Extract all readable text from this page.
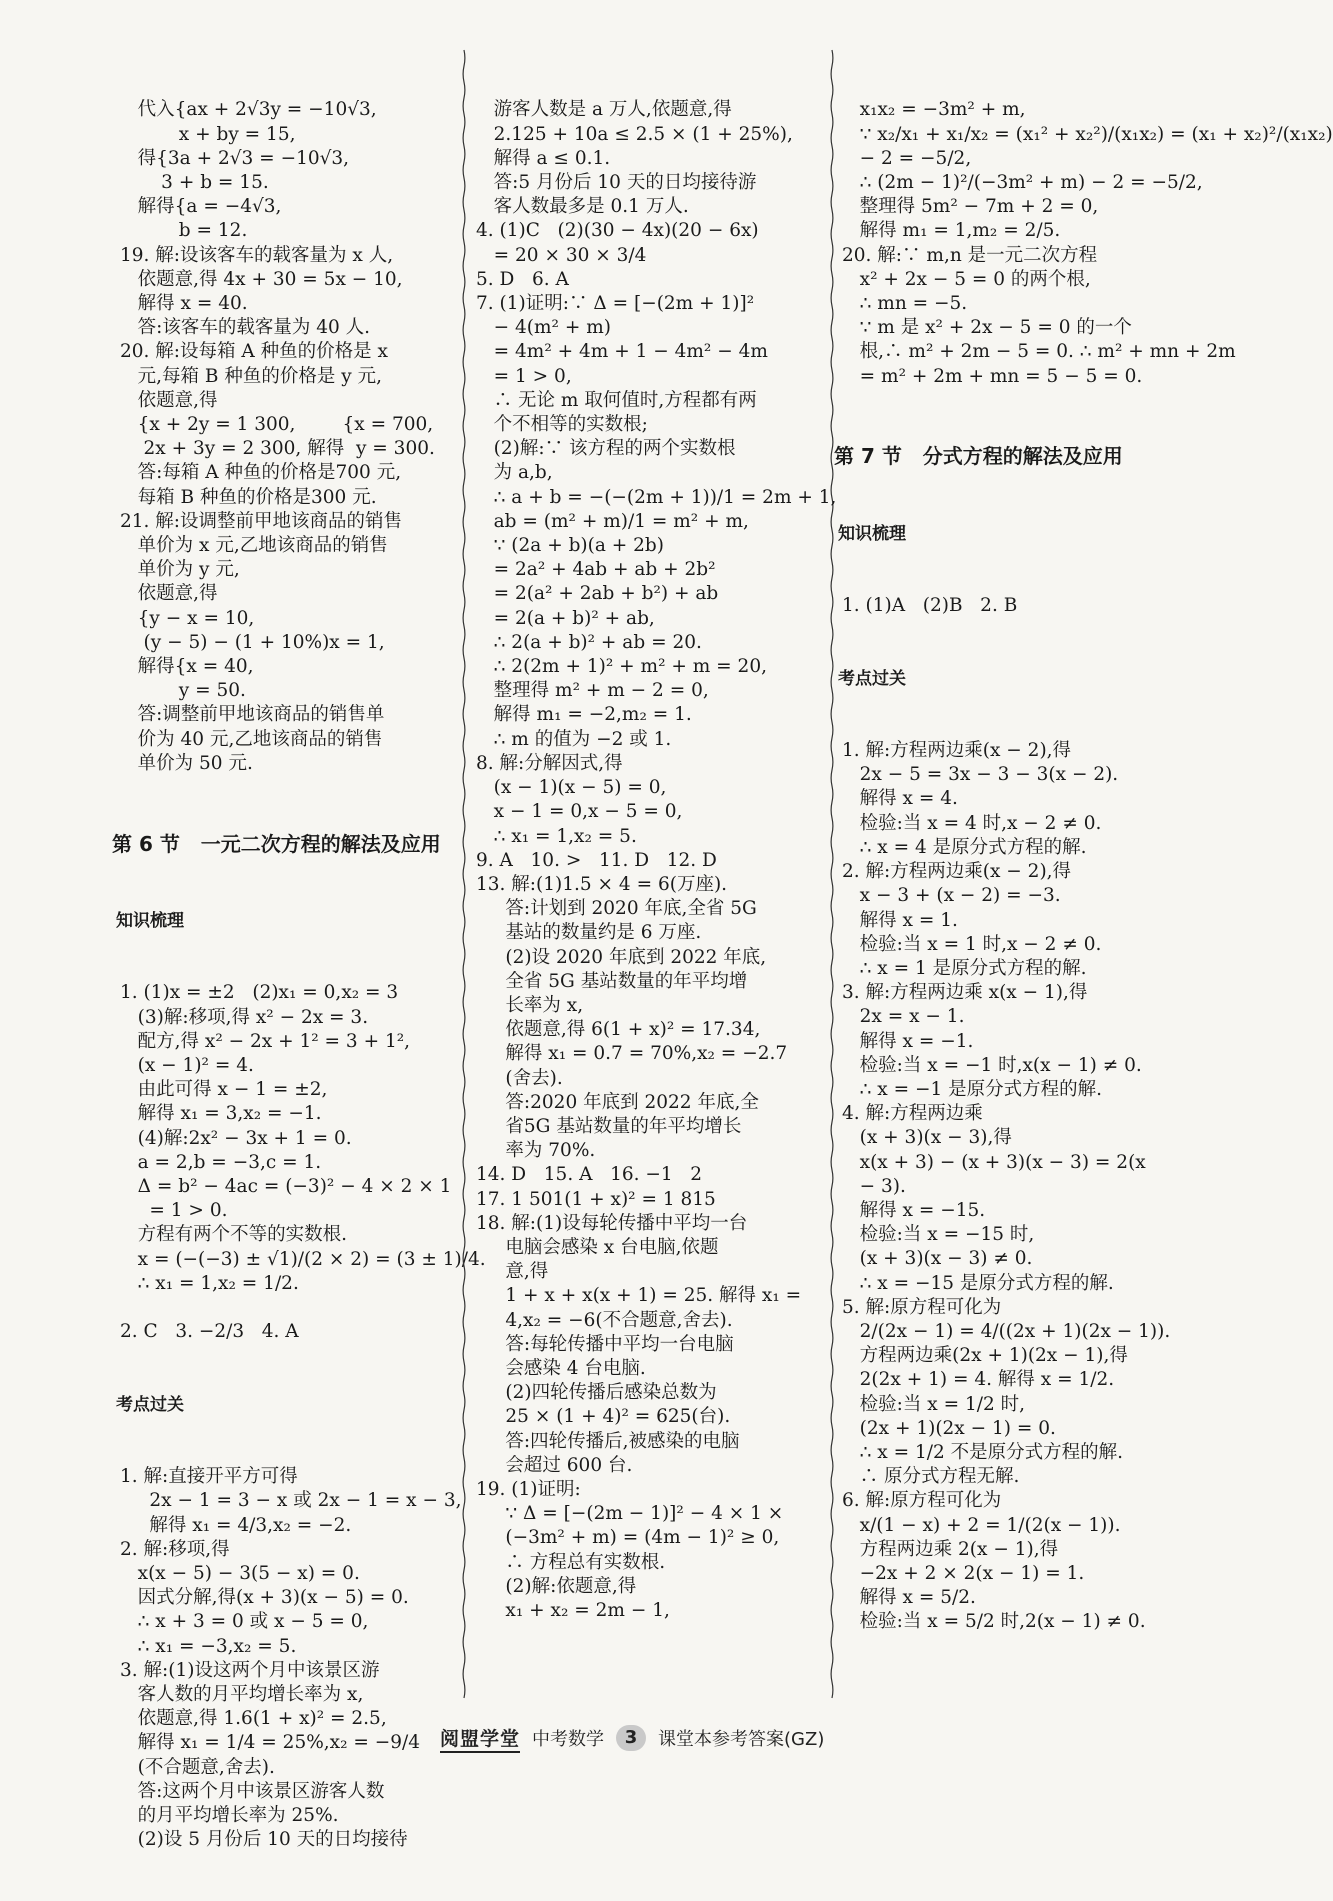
代入{ax + 2√3y = −10√3,
x + by = 15,
得{3a + 2√3 = −10√3,
3 + b = 15.
解得{a = −4√3,
b = 12.
19. 解:设该客车的载客量为 x 人,
依题意,得 4x + 30 = 5x − 10,
解得 x = 40.
答:该客车的载客量为 40 人.
20. 解:设每箱 A 种鱼的价格是 x
元,每箱 B 种鱼的价格是 y 元,
依题意,得
{x + 2y = 1 300,        {x = 700,
2x + 3y = 2 300, 解得  y = 300.
答:每箱 A 种鱼的价格是700 元,
每箱 B 种鱼的价格是300 元.
21. 解:设调整前甲地该商品的销售
单价为 x 元,乙地该商品的销售
单价为 y 元,
依题意,得
{y − x = 10,
(y − 5) − (1 + 10%)x = 1,
解得{x = 40,
y = 50.
答:调整前甲地该商品的销售单
价为 40 元,乙地该商品的销售
单价为 50 元.

第 6 节   一元二次方程的解法及应用

知识梳理

1. (1)x = ±2   (2)x₁ = 0,x₂ = 3
(3)解:移项,得 x² − 2x = 3.
配方,得 x² − 2x + 1² = 3 + 1²,
(x − 1)² = 4.
由此可得 x − 1 = ±2,
解得 x₁ = 3,x₂ = −1.
(4)解:2x² − 3x + 1 = 0.
a = 2,b = −3,c = 1.
Δ = b² − 4ac = (−3)² − 4 × 2 × 1
= 1 > 0.
方程有两个不等的实数根.
x = (−(−3) ± √1)/(2 × 2) = (3 ± 1)/4.
∴ x₁ = 1,x₂ = 1/2.
2. C   3. −2/3   4. A

考点过关

1. 解:直接开平方可得
2x − 1 = 3 − x 或 2x − 1 = x − 3,
解得 x₁ = 4/3,x₂ = −2.
2. 解:移项,得
x(x − 5) − 3(5 − x) = 0.
因式分解,得(x + 3)(x − 5) = 0.
∴ x + 3 = 0 或 x − 5 = 0,
∴ x₁ = −3,x₂ = 5.
3. 解:(1)设这两个月中该景区游
客人数的月平均增长率为 x,
依题意,得 1.6(1 + x)² = 2.5,
解得 x₁ = 1/4 = 25%,x₂ = −9/4
(不合题意,舍去).
答:这两个月中该景区游客人数
的月平均增长率为 25%.
(2)设 5 月份后 10 天的日均接待

游客人数是 a 万人,依题意,得
2.125 + 10a ≤ 2.5 × (1 + 25%),
解得 a ≤ 0.1.
答:5 月份后 10 天的日均接待游
客人数最多是 0.1 万人.
4. (1)C   (2)(30 − 4x)(20 − 6x)
= 20 × 30 × 3/4
5. D   6. A
7. (1)证明:∵ Δ = [−(2m + 1)]²
− 4(m² + m)
= 4m² + 4m + 1 − 4m² − 4m
= 1 > 0,
∴ 无论 m 取何值时,方程都有两
个不相等的实数根;
(2)解:∵ 该方程的两个实数根
为 a,b,
∴ a + b = −(−(2m + 1))/1 = 2m + 1,
ab = (m² + m)/1 = m² + m,
∵ (2a + b)(a + 2b)
= 2a² + 4ab + ab + 2b²
= 2(a² + 2ab + b²) + ab
= 2(a + b)² + ab,
∴ 2(a + b)² + ab = 20.
∴ 2(2m + 1)² + m² + m = 20,
整理得 m² + m − 2 = 0,
解得 m₁ = −2,m₂ = 1.
∴ m 的值为 −2 或 1.
8. 解:分解因式,得
(x − 1)(x − 5) = 0,
x − 1 = 0,x − 5 = 0,
∴ x₁ = 1,x₂ = 5.
9. A   10. >   11. D   12. D
13. 解:(1)1.5 × 4 = 6(万座).
答:计划到 2020 年底,全省 5G
基站的数量约是 6 万座.
(2)设 2020 年底到 2022 年底,
全省 5G 基站数量的年平均增
长率为 x,
依题意,得 6(1 + x)² = 17.34,
解得 x₁ = 0.7 = 70%,x₂ = −2.7
(舍去).
答:2020 年底到 2022 年底,全
省5G 基站数量的年平均增长
率为 70%.
14. D   15. A   16. −1   2
17. 1 501(1 + x)² = 1 815
18. 解:(1)设每轮传播中平均一台
电脑会感染 x 台电脑,依题
意,得
1 + x + x(x + 1) = 25. 解得 x₁ =
4,x₂ = −6(不合题意,舍去).
答:每轮传播中平均一台电脑
会感染 4 台电脑.
(2)四轮传播后感染总数为
25 × (1 + 4)² = 625(台).
答:四轮传播后,被感染的电脑
会超过 600 台.
19. (1)证明:
∵ Δ = [−(2m − 1)]² − 4 × 1 ×
(−3m² + m) = (4m − 1)² ≥ 0,
∴ 方程总有实数根.
(2)解:依题意,得
x₁ + x₂ = 2m − 1,

x₁x₂ = −3m² + m,
∵ x₂/x₁ + x₁/x₂ = (x₁² + x₂²)/(x₁x₂) = (x₁ + x₂)²/(x₁x₂)
− 2 = −5/2,
∴ (2m − 1)²/(−3m² + m) − 2 = −5/2,
整理得 5m² − 7m + 2 = 0,
解得 m₁ = 1,m₂ = 2/5.
20. 解:∵ m,n 是一元二次方程
x² + 2x − 5 = 0 的两个根,
∴ mn = −5.
∵ m 是 x² + 2x − 5 = 0 的一个
根,∴ m² + 2m − 5 = 0. ∴ m² + mn + 2m
= m² + 2m + mn = 5 − 5 = 0.

第 7 节   分式方程的解法及应用

知识梳理

1. (1)A   (2)B   2. B

考点过关

1. 解:方程两边乘(x − 2),得
2x − 5 = 3x − 3 − 3(x − 2).
解得 x = 4.
检验:当 x = 4 时,x − 2 ≠ 0.
∴ x = 4 是原分式方程的解.
2. 解:方程两边乘(x − 2),得
x − 3 + (x − 2) = −3.
解得 x = 1.
检验:当 x = 1 时,x − 2 ≠ 0.
∴ x = 1 是原分式方程的解.
3. 解:方程两边乘 x(x − 1),得
2x = x − 1.
解得 x = −1.
检验:当 x = −1 时,x(x − 1) ≠ 0.
∴ x = −1 是原分式方程的解.
4. 解:方程两边乘
(x + 3)(x − 3),得
x(x + 3) − (x + 3)(x − 3) = 2(x
− 3).
解得 x = −15.
检验:当 x = −15 时,
(x + 3)(x − 3) ≠ 0.
∴ x = −15 是原分式方程的解.
5. 解:原方程可化为
2/(2x − 1) = 4/((2x + 1)(2x − 1)).
方程两边乘(2x + 1)(2x − 1),得
2(2x + 1) = 4. 解得 x = 1/2.
检验:当 x = 1/2 时,
(2x + 1)(2x − 1) = 0.
∴ x = 1/2 不是原分式方程的解.
∴ 原分式方程无解.
6. 解:原方程可化为
x/(1 − x) + 2 = 1/(2(x − 1)).
方程两边乘 2(x − 1),得
−2x + 2 × 2(x − 1) = 1.
解得 x = 5/2.
检验:当 x = 5/2 时,2(x − 1) ≠ 0.

阅盟学堂 中考数学	3	课堂本参考答案(GZ)
